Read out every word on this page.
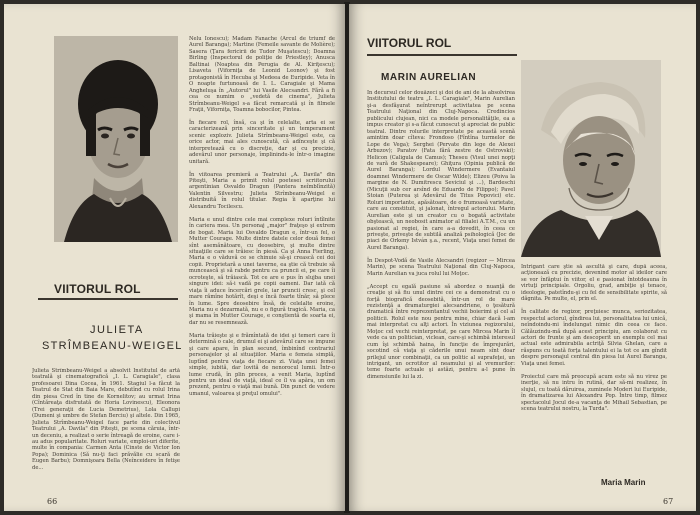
VIITORUL ROL
JULIETA
STRÎMBEANU-WEIGEL
Julieta Strîmbeanu-Weigel a absolvit Institutul de artă teatrală şi cinematografică „I. L. Caragiale", clasa profesoarei Dina Cocea, în 1961. Stagiul l-a făcut la Teatrul de Stat din Baia Mare, debutînd cu rolul Irina din piesa Cred în tine de Kornelitov; au urmat Irina (Cîntăreaţa disfrutată de Horia Lovinescu), Eleonora (Trei generaţii de Lucia Demetrius), Lola Callupi (Dumeni şi umbre de Stefan Berciu) şi altele. Din 1965, Julieta Strîmbeanu-Weigel face parte din colectivul Teatrului „A. Davila" din Piteşti, pe scena căruia, într-un deceniu, a realizat o serie întreagă de eroine, care i-au adus popularitate. Roluri variate, emploi-uri diferite, multe în compania: Carmen Anta (Cinste de Victor Ion Popa); Dominica (Să nu-ţi faci prăvălie cu scară de Eugen Barbu); Domnişoara Bella (Neînceidere în fetişe de...
Nelu Ionescu); Madam Fanache (Arcul de triumf de Aurel Baranga); Martine (Femeile savante de Molière); Sasera (Ţara fericirii de Tudor Muşatescu); Doamna Birling (Inspectorul de poliţie de Priestley); Anusca Baltinai (Noaptea din Perugia de Al. Kiriţescu); Lisaveta (Viforniţa de Leonid Leonov) şi fost protagonistă în Hecuba şi Medeea de Euripide. Veta în O noapte furtunoasă de I. L. Caragiale şi Mama Angheluşa în „Autorul" lui Vasile Alecsandri. Fără a fi cea ce numim o „vedetă de cinema", Julieta Strîmbeanu-Weigel s-a făcut remarcată şi în filmele Fraţii, Viforniţa, Toamna bobocilor, Pintea.

În fiecare rol, însă, ca şi în celelalte, arta ei se caracterizează prin sinceritate şi un temperament scenic exploziv. Julieta Strîmbeanu-Weigel este, ca orice actor, mai ales cunoscută, că adînceşte şi că interpretează cu o discreţie, dar şi cu precizie, adevărul unor personaje, împlinindu-le într-o imagine unitară.

În viitoarea premieră a Teatrului „A. Davila" din Piteşti, Maria a primit rolul poetesei scriitorului argentinian Osvaldo Dragun (Pantera neîmblînzită) Valentin Silvestru; Julieta Strîmbeanu-Weigel e distribuită în rolul titular. Regia îi aparţine lui Alexandru Tocilescu.

Maria e unul dintre cele mai complexe roluri întîlnite în cariera mea. Un personaj „major" fraţeşo şi extrem de bogat. Maria lui Osvaldo Dragun e, într-un fel, o Mutter Courage. Multe dintre datele celor două femei sînt asemănătoare, cu deosebire, şi multe dintre situaţiile care se trăiesc în piesă. Ca şi Anna Fierling, Maria e o văduvă ce se chinuie să-şi crească cei doi copii. Proprietară a unei taverne, ea ştie că trebuie să muncească şi să rabde pentru ca pruncii ei, pe care îi ocroteşte, să trăiască. Tot ce are e pus în slujba unei singure idei: să-i vadă pe copii oameni. Dar iată că viaţa îi aduce încercări grele, iar pruncii cresc, şi cel mare rămîne hotărît, deşi e încă foarte tînăr, să plece în lume. Spre deosebire însă, de celelalte eroine, Maria nu e dezarmată, nu e o figură tragică. Maria, ca şi mama în Mutter Courage, e conştientă de soarta ei, dar nu se resemnează.

Maria trăieşte şi e frămîntată de idei şi temeri care îi determină o cale, drumul ei şi adevărul care se impune şi care apare, în plan secund, îmbinînd contrariul personajelor şi al situaţiilor. Maria e femeia simplă, luptînd pentru viaţa de fiecare zi. Viaţa unei femei simple, iubită, dar lovită de nenorocul lumii. Într-o lume crudă, în plin proces, a venit Maria, luptînd pentru un ideal de viaţă, ideal ce îl va apăra, un om prezent, pentru o viaţă mai bună. Din punct de vedere umanul, valoarea şi preţul omului".
66
VIITORUL ROL
MARIN AURELIAN
În decursul celor douăzeci şi doi de ani de la absolvirea Institutului de teatru „I. L. Caragiale", Marin Aurelian şi-a desfăşurat neîntrerupt activitatea pe scena Teatrului Naţional din Cluj-Napoca. Credincios publicului clujean, nici ca modele personalităţile, ea a impus creator şi s-a făcut cunoscut şi apreciat de public teatral. Dintre rolurile interpretate pe această scenă amintim doar cîteva: Frondoso (Fîntîna turmelor de Lope de Vega); Serghei (Pervate din lege de Alexei Arbuzov); Paratov (Fata fără zestre de Ostrovski); Helicon (Caligula de Camus); Theseu (Visul unei nopţi de vară de Shakespeare); Ghiţura (Opinia publică de Aurel Baranga); Lordul Windermere (Evantaiul doamnei Windermere de Oscar Wilde); Elizeu (Poiva la margine de N. Dumitrescu Seviciul şi ...), Bardeschi (Micuţii sub cer arsînd de Eduardo de Filippo); Pavel Stoian (Puterea şi Adevărul de Titus Popovici) etc. Roluri importante, apăsătoare, de o frumoasă varietate, care au constituit, şi jalonat, întregul actorului. Marin Aurelian este şi un creator cu o bogată activitate obştească, un neobosit animator al filialei A.T.M., cu un pasionat al regiei, în care a-a dovedit, în ceea ce priveşte, priveşte de subtilă analiză psihologică (Joc de piaci de Orkeny István ş.a., recent, Viaţa unei femei de Aurel Baranga).

În Despot-Vodă de Vasile Alecsandri (regizor — Mircea Marin), pe scena Teatrului Naţional din Cluj-Napoca, Marin Aurelian va juca rolul lui Moţoc.

„Accept cu egală pasiune să abordez o nuanţă de creaţie şi să fiu unul dintre cei ce a demonstrat cu o forţă biografică deosebită, într-un rol de mare rezistenţă a dramaturgiei alecsandriene, o ţesătură dramatică între reprezentantul vechii boierimi şi cel al politicii. Rolul este nou pentru mine, chiar dacă l-am mai interpretat cu alţi actori. În viziunea regizorului, Moţoc cel vechi reinterpretat, pe care Mircea Marin îl vede ca un politician, viclean, care-şi schimbă interesul cum îşi schimbă haina, în funcţie de împrejurări, socotind că viaţa şi căderile unui neam sînt doar prilejul unor combinaţii, ca un politic al suprafeţei, un intrigant, un ocrotitor al neamului şi al vremurilor: teme foarte actuale şi astăzi, pentru a-l pune în dimensiunile lui la zi.
Intrigant care ştie să ascultă şi care, după aceea, acţionează cu precizie, devenind motor al ideilor care se vor înfăptui în viitor, el e pasionat întotdeauna în virtuţi principiale. Orgoliu, grad, ambiţie şi tenace, ideologie, patetîndu-şi cu fel de sensibilitate spirite, să dăgnita. Pe multe, el, prin el.

În calitate de regizor, preţuiesc munca, seriozitatea, respectul actorul, gîndirea lui, personalitatea lui unică, neîndoindu-mi îndelungat nimic din ceea ce face. Călăuzindu-mă după acest principiu, am colaborat cu actori de frunte şi am descoperit un exemplu cel mai actual este admirabila actriţă Silvia Ghelan, care a răspuns cu toată forţa talentului ei la tot ce am gîndit despre personajul central din piesa lui Aurel Baranga, Viaţa unei femei.

Proiectul care mă preocupă acum este să nu virez pe inerţie, să nu intru în rutină, dar să-mi realizez, în slujul, cu toată dăruirea, zuminele Moderi lui Euripide, în dramatizarea lui Alexandru Pop. Între timp, filmez spectacolul Jocul de-a vacanţa de Mihail Sebastian, pe scena teatrului nostru, la Turda".
Maria Marin
67
